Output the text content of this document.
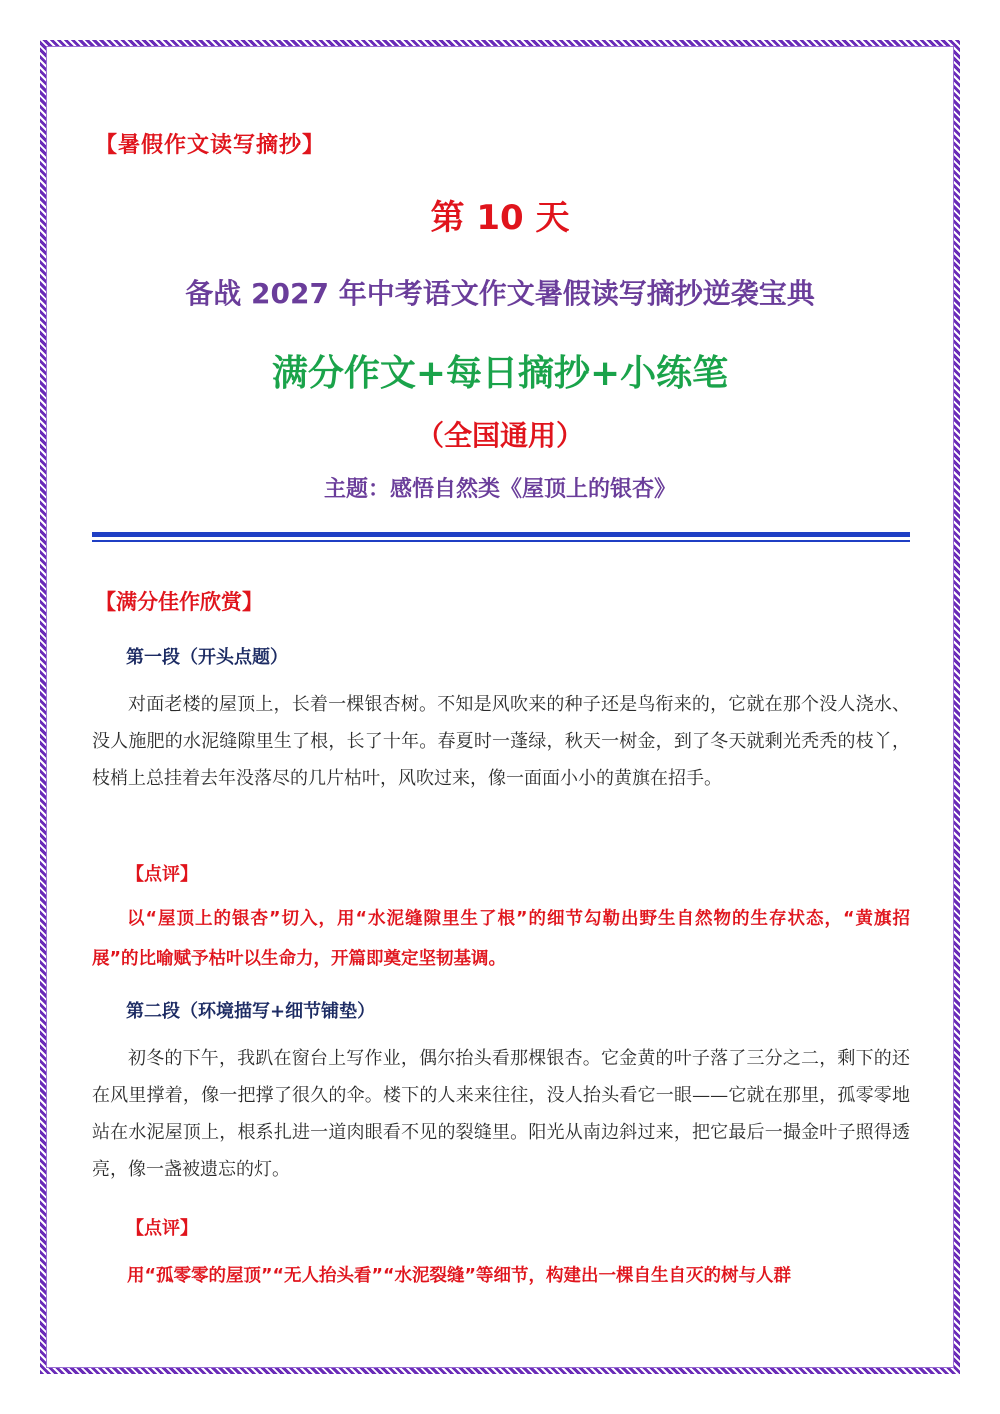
【暑假作文读写摘抄】
第 10 天
备战 2027 年中考语文作文暑假读写摘抄逆袭宝典
满分作文+每日摘抄+小练笔
（全国通用）
主题：感悟自然类《屋顶上的银杏》
【满分佳作欣赏】
第一段（开头点题）

对面老楼的屋顶上，长着一棵银杏树。不知是风吹来的种子还是鸟衔来的，它就在那个没人浇水、没人施肥的水泥缝隙里生了根，长了十年。春夏时一蓬绿，秋天一树金，到了冬天就剩光秃秃的枝丫，枝梢上总挂着去年没落尽的几片枯叶，风吹过来，像一面面小小的黄旗在招手。

【点评】

以“屋顶上的银杏”切入，用“水泥缝隙里生了根”的细节勾勒出野生自然物的生存状态，“黄旗招展”的比喻赋予枯叶以生命力，开篇即奠定坚韧基调。

第二段（环境描写+细节铺垫）

初冬的下午，我趴在窗台上写作业，偶尔抬头看那棵银杏。它金黄的叶子落了三分之二，剩下的还在风里撑着，像一把撑了很久的伞。楼下的人来来往往，没人抬头看它一眼——它就在那里，孤零零地站在水泥屋顶上，根系扎进一道肉眼看不见的裂缝里。阳光从南边斜过来，把它最后一撮金叶子照得透亮，像一盏被遗忘的灯。

【点评】

用“孤零零的屋顶”“无人抬头看”“水泥裂缝”等细节，构建出一棵自生自灭的树与人群
